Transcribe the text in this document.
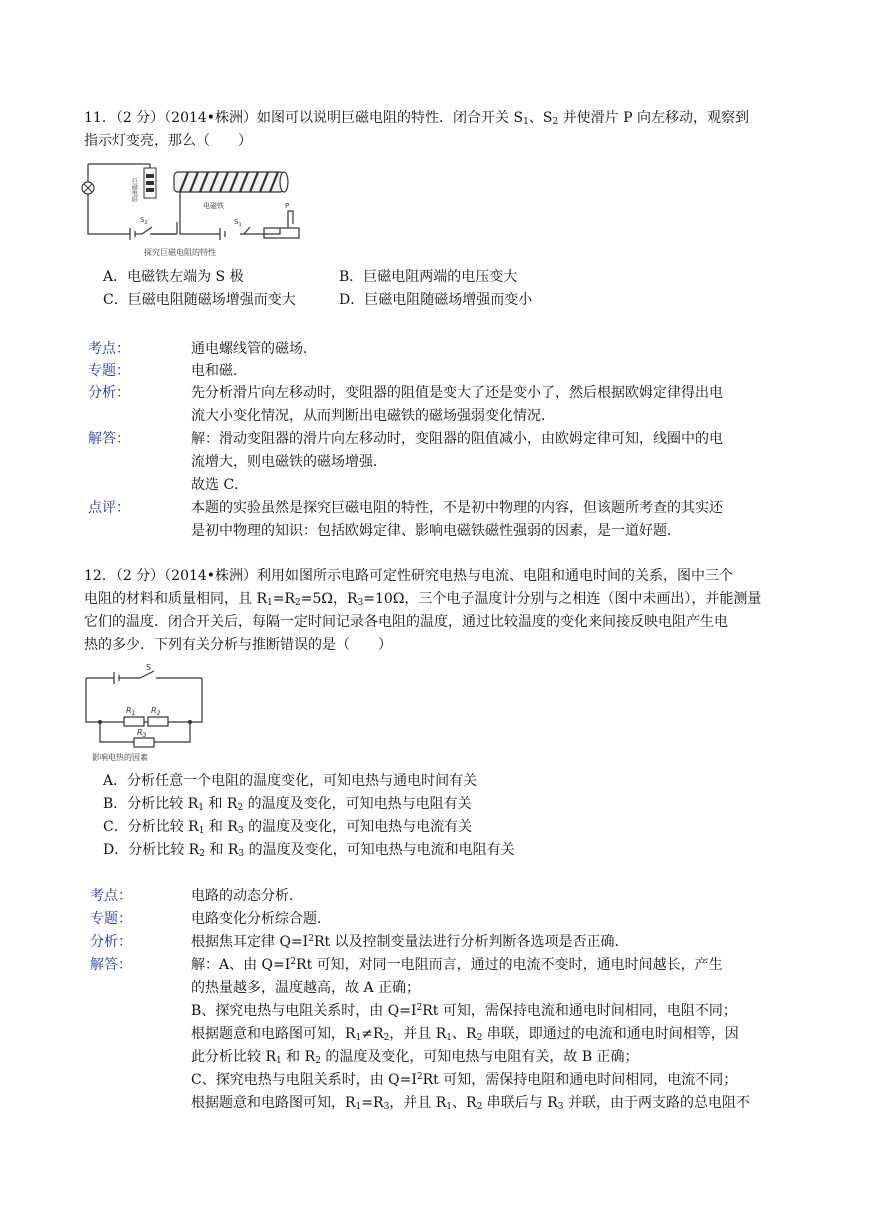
11．（2 分）（2014•株洲）如图可以说明巨磁电阻的特性．闭合开关 $S_1$、$S_2$ 并使滑片 P 向左移动，观察到
指示灯变亮，那么（　　）
巨磁电阻
电磁铁
$S_2$	$S_1$
P
探究巨磁电阻的特性
A．电磁铁左端为 S 极	B．巨磁电阻两端的电压变大
C．巨磁电阻随磁场增强而变大	D．巨磁电阻随磁场增强而变小
考点：	通电螺线管的磁场．
专题：	电和磁．
分析：	先分析滑片向左移动时，变阻器的阻值是变大了还是变小了，然后根据欧姆定律得出电
流大小变化情况，从而判断出电磁铁的磁场强弱变化情况．
解答：	解：滑动变阻器的滑片向左移动时，变阻器的阻值减小，由欧姆定律可知，线圈中的电
流增大，则电磁铁的磁场增强．
故选 C．
点评：	本题的实验虽然是探究巨磁电阻的特性，不是初中物理的内容，但该题所考查的其实还
是初中物理的知识：包括欧姆定律、影响电磁铁磁性强弱的因素，是一道好题．
12．（2 分）（2014•株洲）利用如图所示电路可定性研究电热与电流、电阻和通电时间的关系，图中三个
电阻的材料和质量相同，且 $R_1=R_2=5\Omega$，$R_3=10\Omega$，三个电子温度计分别与之相连（图中未画出），并能测量
它们的温度．闭合开关后，每隔一定时间记录各电阻的温度，通过比较温度的变化来间接反映电阻产生电
热的多少．下列有关分析与推断错误的是（　　）
S
$R_1$ $R_2$
$R_3$
影响电热的因素
A．分析任意一个电阻的温度变化，可知电热与通电时间有关
B．分析比较 $R_1$ 和 $R_2$ 的温度及变化，可知电热与电阻有关
C．分析比较 $R_1$ 和 $R_3$ 的温度及变化，可知电热与电流有关
D．分析比较 $R_2$ 和 $R_3$ 的温度及变化，可知电热与电流和电阻有关
考点：	电路的动态分析．
专题：	电路变化分析综合题．
分析：	根据焦耳定律 $Q=I^2Rt$ 以及控制变量法进行分析判断各选项是否正确．
解答：	解：A、由 $Q=I^2Rt$ 可知，对同一电阻而言，通过的电流不变时，通电时间越长，产生
的热量越多，温度越高，故 A 正确；
B、探究电热与电阻关系时，由 $Q=I^2Rt$ 可知，需保持电流和通电时间相同，电阻不同；
根据题意和电路图可知，$R_1\ne R_2$，并且 $R_1$、$R_2$ 串联，即通过的电流和通电时间相等，因
此分析比较 $R_1$ 和 $R_2$ 的温度及变化，可知电热与电阻有关，故 B 正确；
C、探究电热与电阻关系时，由 $Q=I^2Rt$ 可知，需保持电阻和通电时间相同，电流不同；
根据题意和电路图可知，$R_1=R_3$，并且 $R_1$、$R_2$ 串联后与 $R_3$ 并联，由于两支路的总电阻不
